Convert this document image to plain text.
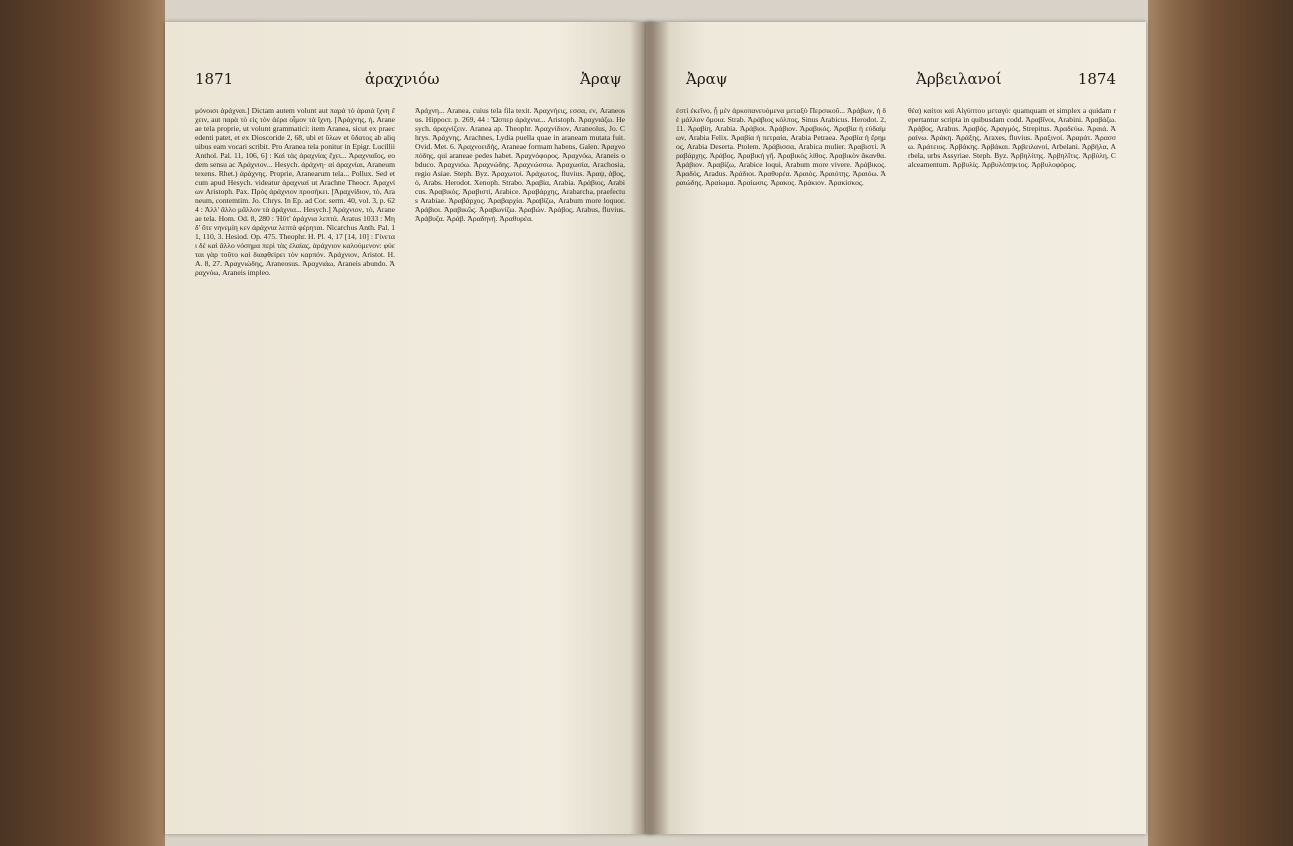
1871	ἀραχνιόω	Ἀραψ

μόνοισι ἀράχναι.] Dictam autem volunt aut παρὰ τὸ ἀραιὰ ἴχνη ἔχειν, aut παρὰ τὸ εἰς τὸν ἀέρα οἶμον τὰ ἴχνη. [Ἀράχνης, ἡ, Araneae tela proprie, ut volunt grammatici: item Aranea, sicut ex praecedenti patet, et ex Dioscoride 2, 68, ubi et ὕλων et ὕδατος ab aliquibus eam vocari scribit. Pro Aranea tela ponitur in Epigr. Lucillii Anthol. Pal. 11, 106, 6] : Καὶ τὰς ἀραχνίας ἔχει... Ἀραχνιαῖος, eodem sensu ac Ἀράχνιον... Hesych. ἀράχνη· αἰ ἀραχνίαι, Araneum texens. Rhet.) ἀράχνης. Proprie, Aranearum tela... Pollux. Sed et cum apud Hesych. videatur ἀραχνιαί ut Arachne Theocr. Ἀραχνίων Aristoph. Pax. Πρὸς ἀράχνιον προσήκει. [Ἀραχνίδιον, τὸ, Araneum, contemtim. Jo. Chrys. In Ep. ad Cor. serm. 40, vol. 3, p. 624 : Ἀλλ' ἄλλο μᾶλλον τὰ ἀράχνια... Hesych.] Ἀράχνιον, τὸ, Araneae tela. Hom. Od. 8, 280 : Ἠΰτ' ἀράχνια λεπτά. Aratus 1033 : Μηδ' ὅτε νηνεμίη κεν ἀράχνια λεπτὰ φέρηται. Nicarchus Anth. Pal. 11, 110, 3. Hesiod. Op. 475. Theophr. H. Pl. 4, 17 [14, 10] : Γίνεται δὲ καὶ ἄλλο νόσημα περὶ τὰς ἐλαίας, ἀράχνιον καλούμενον: φύεται γὰρ τοῦτο καὶ διαφθείρει τὸν καρπόν. Ἀράχνιον, Aristot. H. A. 8, 27. Ἀραχνιώδης, Araneosus. Ἀραχνιάω, Araneis abundo. Ἀραχνόω, Araneis impleo.

Ἀράχνη... Aranea, cuius tela fila texit. Ἀραχνήεις, εσσα, εν, Araneosus. Hippocr. p. 269, 44 : Ὥσπερ ἀράχνια... Aristoph. Ἀραχνιάζω. Hesych. ἀραχνίζειν. Aranea ap. Theophr. Ἀραχνίδιον, Araneolus, Jo. Chrys. Ἀράχνης, Arachnes, Lydia puella quae in araneam mutata fuit. Ovid. Met. 6. Ἀραχνοειδής, Araneae formam habens, Galen. Ἀραχνοπόδης, qui araneae pedes habet. Ἀραχνόφορος. Ἀραχνόω, Araneis obduco. Ἀραχνιόω. Ἀραχνώδης. Ἀραχνώσσω. Ἀραχωσία, Arachosia, regio Asiae. Steph. Byz. Ἀραχωτοί. Ἀράχωτος, fluvius. Ἀραψ, ἀβος, ὁ, Arabs. Herodot. Xenoph. Strabo. Ἀραβία, Arabia. Ἀράβιος, Arabicus. Ἀραβικός. Ἀραβιστί, Arabice. Ἀραβάρχης, Arabarcha, praefectus Arabiae. Ἀραβάρχος. Ἀραβαρχία. Ἀραβίζω, Arabum more loquor. Ἀράβιοι. Ἀραβικῶς. Ἀραβωνίζω. Ἀραβών. Ἀράβος, Arabus, fluvius. Ἀράβυζα. Ἀράβ. Ἀραδηνή. Ἀραθυρέα.

Ἀραψ	Ἀρβειλανοί	1874

ἐστὶ ἐκεῖνο, ᾗ μὲν ἀρκοπανευόμενα μεταξὺ Περσικοῦ... Ἀράβων, ἡ δὲ μάλλον ὅμοια. Strab. Ἀράβιος κόλπος, Sinus Arabicus. Herodot. 2, 11. Ἀραβίη, Arabia. Ἀράβιοι. Ἀράβιον. Ἀραβικός. Ἀραβία ἡ εὐδαίμων, Arabia Felix. Ἀραβία ἡ πετραία, Arabia Petraea. Ἀραβία ἡ ἔρημος, Arabia Deserta. Ptolem. Ἀράβισσα, Arabica mulier. Ἀραβιστί. Ἀραβάρχης. Ἀράβος. Ἀραβικὴ γῆ. Ἀραβικὸς λίθος. Ἀραβικὸν ἄκανθα. Ἀράβιον. Ἀραβίζω, Arabice loqui, Arabum more vivere. Ἀράβικος. Ἀραδός, Aradus. Ἀράδιοι. Ἀραθυρέα. Ἀραιός. Ἀραιότης. Ἀραιόω. Ἀραιώδης. Ἀραίωμα. Ἀραίωσις. Ἀρακος. Ἀράκιον. Ἀρακίσκος.

θέα) καίτοι καὶ Αἰγύπτου μεταγύ: quamquam et simplex a quidam repertantur scripta in quibusdam codd. Ἀραβῖνοι, Arabini. Ἀραβάζω. Ἀράβος, Arabus. Ἀραβός. Ἀραγμός, Strepitus. Ἀραδεύω. Ἀραιά. Ἀραίνω. Ἀράκη. Ἀράξης, Araxes, fluvius. Ἀραξινοί. Ἀραράτ. Ἀρασσω. Ἀράτειος. Ἀρβάκης. Ἀρβάκαι. Ἀρβειλανοί, Arbelani. Ἀρβήλα, Arbela, urbs Assyriae. Steph. Byz. Ἀρβηλίτης. Ἀρβηλῖτις. Ἀρβύλη, Calceamentum. Ἀρβυλίς. Ἀρβυλόπηκτος. Ἀρβυλοφόρος.
